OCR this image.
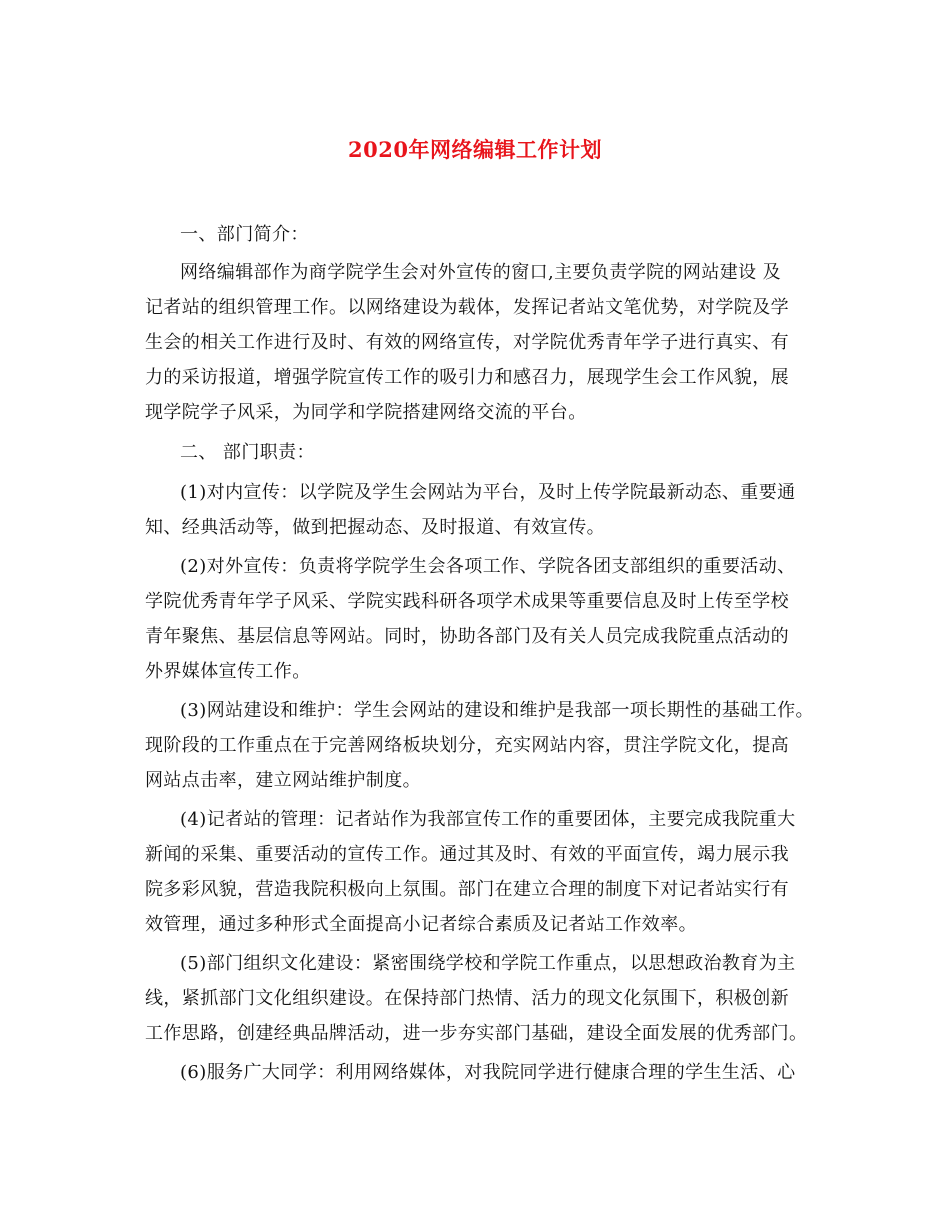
2020年网络编辑工作计划
一、部门简介：
网络编辑部作为商学院学生会对外宣传的窗口,主要负责学院的网站建设 及
记者站的组织管理工作。以网络建设为载体，发挥记者站文笔优势，对学院及学
生会的相关工作进行及时、有效的网络宣传，对学院优秀青年学子进行真实、有
力的采访报道，增强学院宣传工作的吸引力和感召力，展现学生会工作风貌，展
现学院学子风采，为同学和学院搭建网络交流的平台。
二、 部门职责：
(1)对内宣传：以学院及学生会网站为平台，及时上传学院最新动态、重要通
知、经典活动等，做到把握动态、及时报道、有效宣传。
(2)对外宣传：负责将学院学生会各项工作、学院各团支部组织的重要活动、
学院优秀青年学子风采、学院实践科研各项学术成果等重要信息及时上传至学校
青年聚焦、基层信息等网站。同时，协助各部门及有关人员完成我院重点活动的
外界媒体宣传工作。
(3)网站建设和维护：学生会网站的建设和维护是我部一项长期性的基础工作。
现阶段的工作重点在于完善网络板块划分，充实网站内容，贯注学院文化，提高
网站点击率，建立网站维护制度。
(4)记者站的管理：记者站作为我部宣传工作的重要团体，主要完成我院重大
新闻的采集、重要活动的宣传工作。通过其及时、有效的平面宣传，竭力展示我
院多彩风貌，营造我院积极向上氛围。部门在建立合理的制度下对记者站实行有
效管理，通过多种形式全面提高小记者综合素质及记者站工作效率。
(5)部门组织文化建设：紧密围绕学校和学院工作重点，以思想政治教育为主
线，紧抓部门文化组织建设。在保持部门热情、活力的现文化氛围下，积极创新
工作思路，创建经典品牌活动，进一步夯实部门基础，建设全面发展的优秀部门。
(6)服务广大同学：利用网络媒体，对我院同学进行健康合理的学生生活、心
